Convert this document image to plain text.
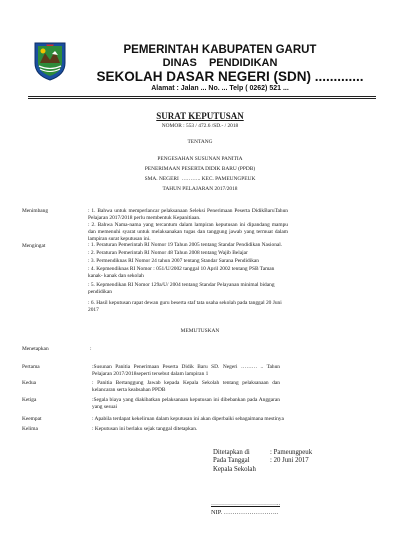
PEMERINTAH KABUPATEN GARUT
DINAS   PENDIDIKAN
SEKOLAH DASAR NEGERI (SDN) .............
Alamat : Jalan ... No. ... Telp ( 0262) 521 ...
SURAT KEPUTUSAN
NOMOR : 553 / 472.6 /SD.- / 2018
TENTANG
PENGESAHAN SUSUNAN PANITIA
PENERIMAAN PESERTA DIDIK BARU (PPDB)
SMA. NEGERI  ……….. KEC. PAMEUNGPEUK
TAHUN PELAJARAN 2017/2018
Menimbang	: 1. Bahwa untuk memperlancar pelaksanaan Seleksi Penerimaan Peserta DidikBaruTahun Pelajaran 2017/2018 perlu membentuk Kepanitiaan.
: 2. Bahwa Nama-nama yang tercantum dalam lampiran keputusan ini dipandang mampu dan memenuhi syarat untuk melaksanakan tugas dan tanggung jawab yang termuat dalam lampiran surat keputusan ini.
Mengingat	: 1. Peraturan Pemerintah RI Nomor 19 Tahun 2005 tentang Standar Pendidikan Nasional.
: 2. Peraturan Pemerintah RI Nomor 48 Tahun 2008 tentang Wajib Belajar
: 3. Permendiknas RI Nomor 24 tahun 2007 tentang Standar Sarana Pendidikan
: 4. Kepmendiknas RI Nomor : 051/U/2002 tanggal 10 April 2002 tentang PSB Taman kanak- kanak dan sekolah
: 5. Kepmendikan RI Nomor 129a/U/ 2004 tentang Standar Pelayanan minimal bidang pendidikan
: 6. Hasil keputusan rapat dewan guru beserta staf tata usaha sekolah pada tanggal 20 Juni 2017
MEMUTUSKAN
Menetapkan	:
Pertama	:Susunan Panitia Penerimaan Peserta Didik Baru SD. Negeri ……… .. Tahun Pelajaran 2017/2018seperti tersebut dalam lampiran 1
Kedua	: Panitia Bertanggung Jawab kepada Kepala Sekolah tentang pelaksanaan dan kelancaran serta keabsahan PPDB
Ketiga	:Segala biaya yang diakibatkan pelaksanaan keputusan ini dibebankan pada Anggaran yang sesuai
Keempat	: Apabila terdapat kekeliruan dalam keputusan ini akan diperbaiki sebagaimana mestinya
Kelima	: Keputusan ini berlaku sejak tanggal ditetapkan.
Ditetapkan di	: Pameungpeuk
Pada Tanggal	: 20 Juni 2017
Kepala Sekolah
……………………………..
NIP. ……………………..
